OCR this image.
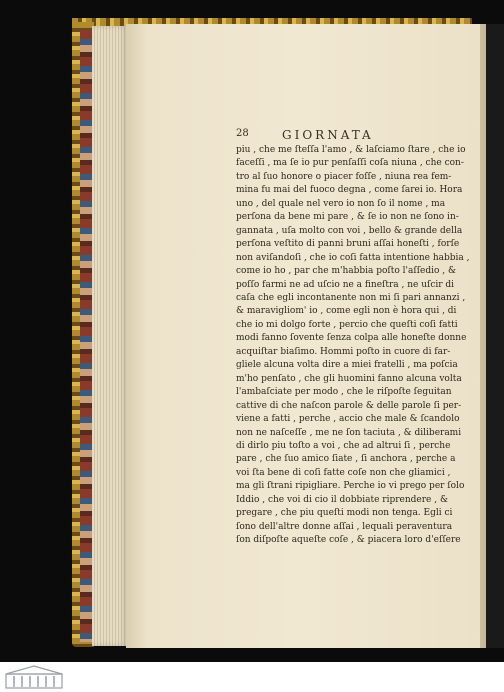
28	GIORNATA
piu , che me ſteſſa l'amo , & laſciamo ſtare , che io
faceſſi , ma ſe io pur penſaſſi coſa niuna , che con-
tro al ſuo honore o piacer foſſe , niuna rea fem-
mina fu mai del fuoco degna , come ſarei io. Hora
uno , del quale nel vero io non ſo il nome , ma
perſona da bene mi pare , & ſe io non ne ſono in-
gannata , uſa molto con voi , bello & grande della
perſona veſtito di panni bruni aſſai honeſti , forſe
non aviſandoſi , che io coſi fatta intentione habbia ,
come io ho , par che m'habbia poſto l'aſſedio , &
poſſo farmi ne ad uſcio ne a fineſtra , ne uſcir di
caſa che egli incontanente non mi ſi pari annanzi ,
& maravigliom' io , come egli non è hora qui , di
che io mi dolgo forte , percio che queſti coſi fatti
modi fanno ſovente ſenza colpa alle honeſte donne
acquiſtar biaſimo. Hommi poſto in cuore di far-
gliele alcuna volta dire a miei fratelli , ma poſcia
m'ho penſato , che gli huomini fanno alcuna volta
l'ambaſciate per modo , che le riſpoſte ſeguitan
cattive di che naſcon parole & delle parole ſi per-
viene a fatti , perche , accio che male & ſcandolo
non ne naſceſſe , me ne ſon taciuta , & diliberami
di dirlo piu toſto a voi , che ad altrui ſi , perche
pare , che ſuo amico ſiate , ſi anchora , perche a
voi ſta bene di coſi fatte coſe non che gliamici ,
ma gli ſtrani ripigliare. Perche io vi prego per ſolo
Iddio , che voi di cio il dobbiate riprendere , &
pregare , che piu queſti modi non tenga. Egli ci
ſono dell'altre donne aſſai , lequali peraventura
ſon diſpoſte aqueſte coſe , & piacera loro d'eſſere
